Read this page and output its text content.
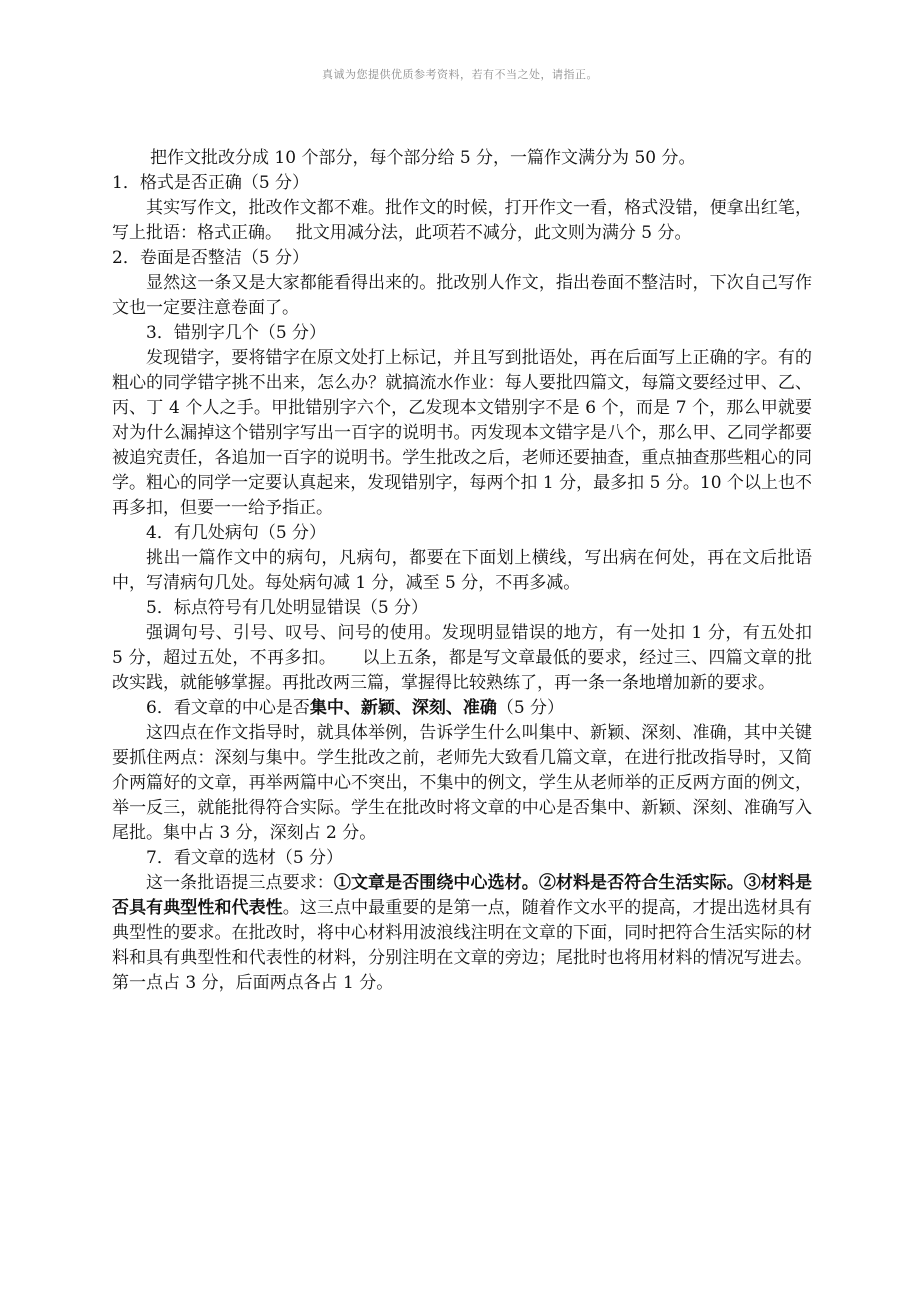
真诚为您提供优质参考资料，若有不当之处，请指正。

把作文批改分成 10 个部分，每个部分给 5 分，一篇作文满分为 50 分。

1．格式是否正确（5 分）

其实写作文，批改作文都不难。批作文的时候，打开作文一看，格式没错，便拿出红笔，写上批语：格式正确。　 批文用减分法，此项若不减分，此文则为满分 5 分。

2．卷面是否整洁（5 分）

显然这一条又是大家都能看得出来的。批改别人作文，指出卷面不整洁时，下次自己写作文也一定要注意卷面了。

3．错别字几个（5 分）

发现错字，要将错字在原文处打上标记，并且写到批语处，再在后面写上正确的字。有的粗心的同学错字挑不出来，怎么办？就搞流水作业：每人要批四篇文，每篇文要经过甲、乙、丙、丁 4 个人之手。甲批错别字六个，乙发现本文错别字不是 6 个，而是 7 个，那么甲就要对为什么漏掉这个错别字写出一百字的说明书。丙发现本文错字是八个，那么甲、乙同学都要被追究责任，各追加一百字的说明书。学生批改之后，老师还要抽查，重点抽查那些粗心的同学。粗心的同学一定要认真起来，发现错别字，每两个扣 1 分，最多扣 5 分。10 个以上也不再多扣，但要一一给予指正。

4．有几处病句（5 分）

挑出一篇作文中的病句，凡病句，都要在下面划上横线，写出病在何处，再在文后批语中，写清病句几处。每处病句减 1 分，减至 5 分，不再多减。

5．标点符号有几处明显错误（5 分）

强调句号、引号、叹号、问号的使用。发现明显错误的地方，有一处扣 1 分，有五处扣 5 分，超过五处，不再多扣。　　以上五条，都是写文章最低的要求，经过三、四篇文章的批改实践，就能够掌握。再批改两三篇，掌握得比较熟练了，再一条一条地增加新的要求。

6．看文章的中心是否集中、新颖、深刻、准确（5 分）

这四点在作文指导时，就具体举例，告诉学生什么叫集中、新颖、深刻、准确，其中关键要抓住两点：深刻与集中。学生批改之前，老师先大致看几篇文章，在进行批改指导时，又简介两篇好的文章，再举两篇中心不突出，不集中的例文，学生从老师举的正反两方面的例文，举一反三，就能批得符合实际。学生在批改时将文章的中心是否集中、新颖、深刻、准确写入尾批。集中占 3 分，深刻占 2 分。

7．看文章的选材（5 分）

这一条批语提三点要求：①文章是否围绕中心选材。②材料是否符合生活实际。③材料是否具有典型性和代表性。这三点中最重要的是第一点，随着作文水平的提高，才提出选材具有典型性的要求。在批改时，将中心材料用波浪线注明在文章的下面，同时把符合生活实际的材料和具有典型性和代表性的材料，分别注明在文章的旁边；尾批时也将用材料的情况写进去。第一点占 3 分，后面两点各占 1 分。
